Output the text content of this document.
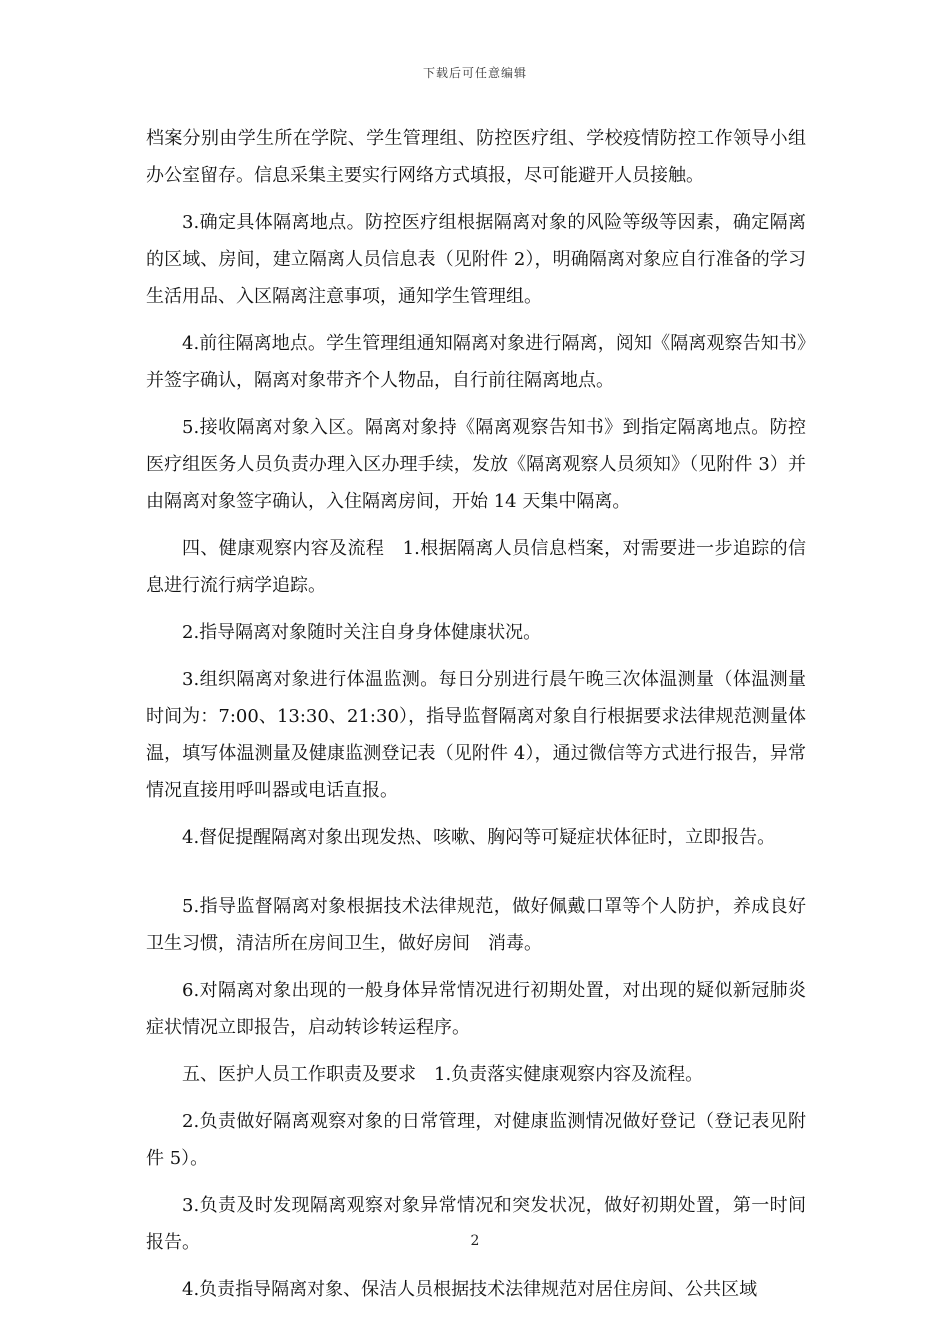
下载后可任意编辑

档案分别由学生所在学院、学生管理组、防控医疗组、学校疫情防控工作领导小组办公室留存。信息采集主要实行网络方式填报，尽可能避开人员接触。

3.确定具体隔离地点。防控医疗组根据隔离对象的风险等级等因素，确定隔离的区域、房间，建立隔离人员信息表（见附件 2），明确隔离对象应自行准备的学习生活用品、入区隔离注意事项，通知学生管理组。

4.前往隔离地点。学生管理组通知隔离对象进行隔离，阅知《隔离观察告知书》并签字确认，隔离对象带齐个人物品，自行前往隔离地点。

5.接收隔离对象入区。隔离对象持《隔离观察告知书》到指定隔离地点。防控医疗组医务人员负责办理入区办理手续，发放《隔离观察人员须知》（见附件 3）并由隔离对象签字确认，入住隔离房间，开始 14 天集中隔离。

四、健康观察内容及流程　1.根据隔离人员信息档案，对需要进一步追踪的信息进行流行病学追踪。

2.指导隔离对象随时关注自身身体健康状况。

3.组织隔离对象进行体温监测。每日分别进行晨午晚三次体温测量（体温测量时间为：7:00、13:30、21:30），指导监督隔离对象自行根据要求法律规范测量体温，填写体温测量及健康监测登记表（见附件 4），通过微信等方式进行报告，异常情况直接用呼叫器或电话直报。

4.督促提醒隔离对象出现发热、咳嗽、胸闷等可疑症状体征时，立即报告。

5.指导监督隔离对象根据技术法律规范，做好佩戴口罩等个人防护，养成良好卫生习惯，清洁所在房间卫生，做好房间　消毒。

6.对隔离对象出现的一般身体异常情况进行初期处置，对出现的疑似新冠肺炎症状情况立即报告，启动转诊转运程序。

五、医护人员工作职责及要求　1.负责落实健康观察内容及流程。

2.负责做好隔离观察对象的日常管理，对健康监测情况做好登记（登记表见附件 5）。

3.负责及时发现隔离观察对象异常情况和突发状况，做好初期处置，第一时间报告。

4.负责指导隔离对象、保洁人员根据技术法律规范对居住房间、公共区域

2
